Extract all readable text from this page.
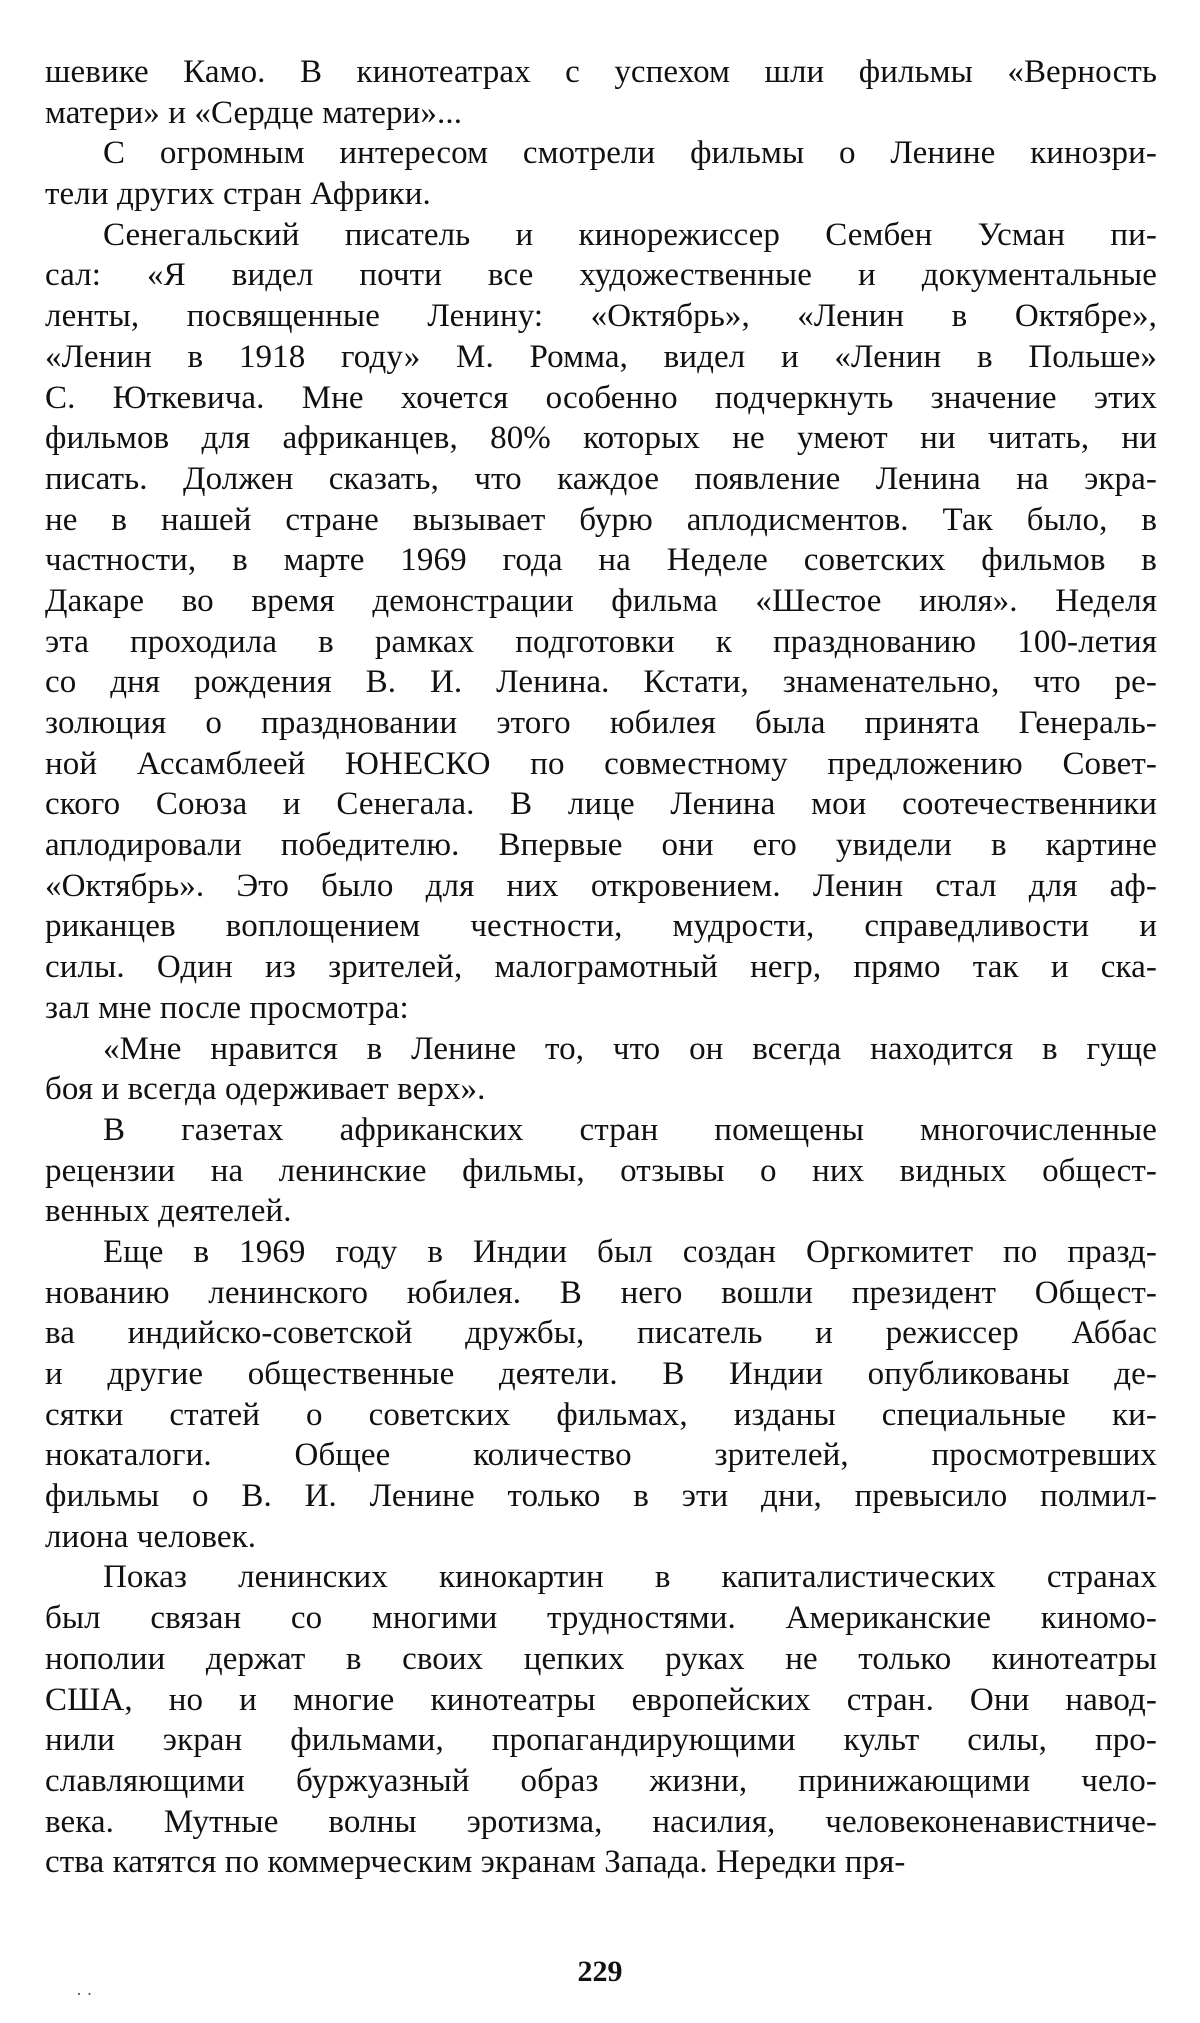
шевике Камо. В кинотеатрах с успехом шли фильмы «Верность
матери» и «Сердце матери»...
С огромным интересом смотрели фильмы о Ленине кинозри-
тели других стран Африки.
Сенегальский писатель и кинорежиссер Сембен Усман пи-
сал: «Я видел почти все художественные и документальные
ленты, посвященные Ленину: «Октябрь», «Ленин в Октябре»,
«Ленин в 1918 году» М. Ромма, видел и «Ленин в Польше»
С. Юткевича. Мне хочется особенно подчеркнуть значение этих
фильмов для африканцев, 80% которых не умеют ни читать, ни
писать. Должен сказать, что каждое появление Ленина на экра-
не в нашей стране вызывает бурю аплодисментов. Так было, в
частности, в марте 1969 года на Неделе советских фильмов в
Дакаре во время демонстрации фильма «Шестое июля». Неделя
эта проходила в рамках подготовки к празднованию 100-летия
со дня рождения В. И. Ленина. Кстати, знаменательно, что ре-
золюция о праздновании этого юбилея была принята Генераль-
ной Ассамблеей ЮНЕСКО по совместному предложению Совет-
ского Союза и Сенегала. В лице Ленина мои соотечественники
аплодировали победителю. Впервые они его увидели в картине
«Октябрь». Это было для них откровением. Ленин стал для аф-
риканцев воплощением честности, мудрости, справедливости и
силы. Один из зрителей, малограмотный негр, прямо так и ска-
зал мне после просмотра:
«Мне нравится в Ленине то, что он всегда находится в гуще
боя и всегда одерживает верх».
В газетах африканских стран помещены многочисленные
рецензии на ленинские фильмы, отзывы о них видных общест-
венных деятелей.
Еще в 1969 году в Индии был создан Оргкомитет по празд-
нованию ленинского юбилея. В него вошли президент Общест-
ва индийско-советской дружбы, писатель и режиссер Аббас
и другие общественные деятели. В Индии опубликованы де-
сятки статей о советских фильмах, изданы специальные ки-
нокаталоги. Общее количество зрителей, просмотревших
фильмы о В. И. Ленине только в эти дни, превысило полмил-
лиона человек.
Показ ленинских кинокартин в капиталистических странах
был связан со многими трудностями. Американские киномо-
нополии держат в своих цепких руках не только кинотеатры
США, но и многие кинотеатры европейских стран. Они навод-
нили экран фильмами, пропагандирующими культ силы, про-
славляющими буржуазный образ жизни, принижающими чело-
века. Мутные волны эротизма, насилия, человеконенавистниче-
ства катятся по коммерческим экранам Запада. Нередки пря-
229
· ·
